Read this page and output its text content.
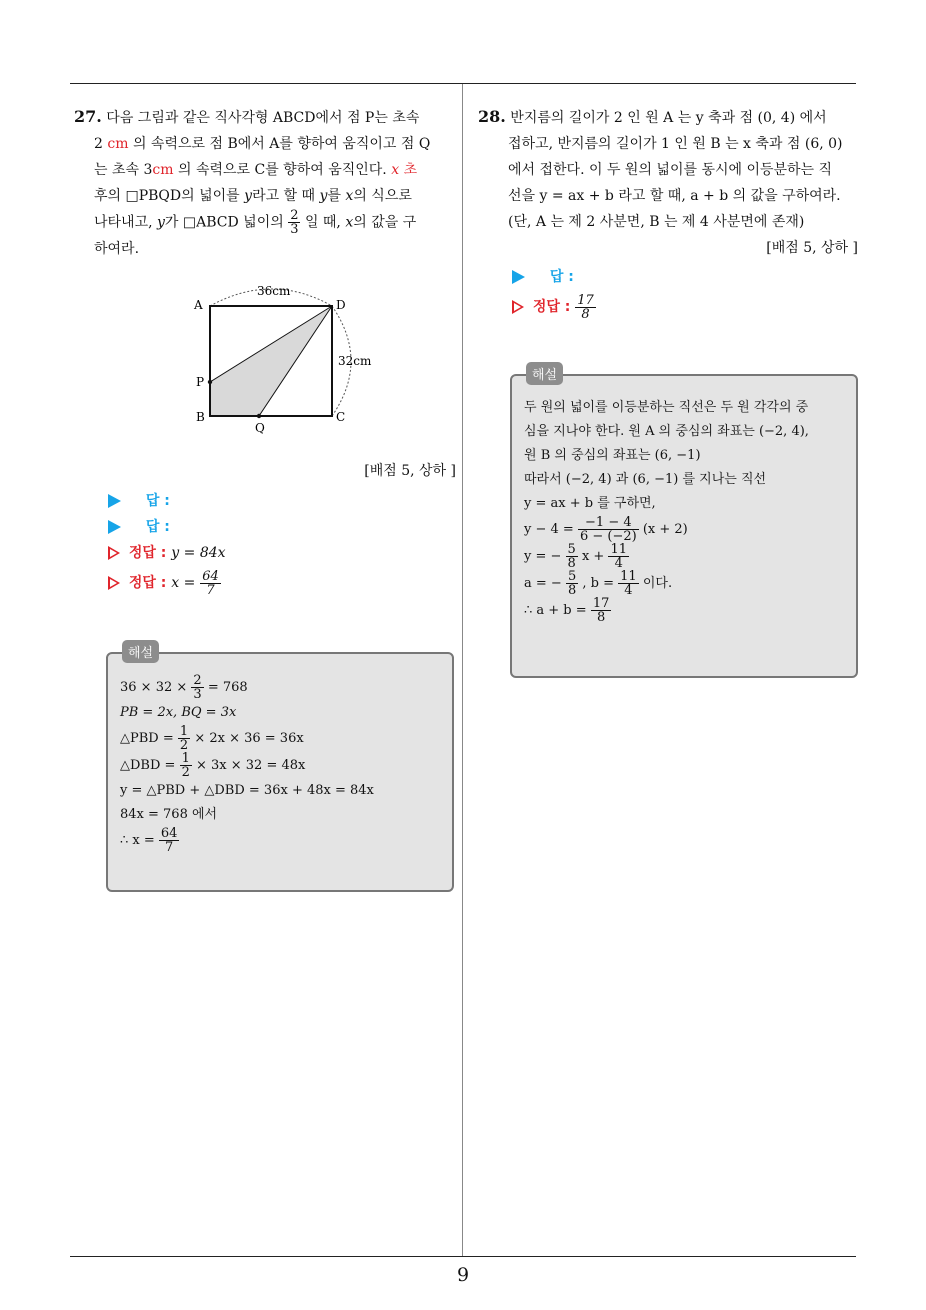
9
27. 다음 그림과 같은 직사각형 ABCD에서 점 P는 초속
2 cm 의 속력으로 점 B에서 A를 향하여 움직이고 점 Q
는 초속 3cm 의 속력으로 C를 향하여 움직인다. x 초
후의 □PBQD의 넓이를 y라고 할 때 y를 x의 식으로
나타내고, y가 □ABCD 넓이의 $\frac{2}{3}$ 일 때, x의 값을 구
하여라.
A	D
P
B
Q
C
36cm
32cm
[배점 5, 상하 ]
답 :
답 :
정답 : y = 84x
정답 : $x = \frac{64}{7}$
해설
$36 \times 32 \times \frac{2}{3} = 768$
PB = 2x, BQ = 3x
△PBD = $\frac{1}{2} \times 2x \times 36 = 36x$
△DBD = $\frac{1}{2} \times 3x \times 32 = 48x$
y = △PBD + △DBD = 36x + 48x = 84x
84x = 768 에서
∴ $x = \frac{64}{7}$
28. 반지름의 길이가 2 인 원 A 는 y 축과 점 (0, 4) 에서
접하고, 반지름의 길이가 1 인 원 B 는 x 축과 점 (6, 0)
에서 접한다. 이 두 원의 넓이를 동시에 이등분하는 직
선을 y = ax + b 라고 할 때, a + b 의 값을 구하여라.
(단, A 는 제 2 사분면, B 는 제 4 사분면에 존재)
[배점 5, 상하 ]
답 :
정답 : $\frac{17}{8}$
해설
두 원의 넓이를 이등분하는 직선은 두 원 각각의 중
심을 지나야 한다. 원 A 의 중심의 좌표는 (−2, 4),
원 B 의 중심의 좌표는 (6, −1)
따라서 (−2, 4) 과 (6, −1) 를 지나는 직선
y = ax + b 를 구하면,
$y - 4 = \frac{-1 - 4}{6 - (-2)} (x + 2)$
y = − $\frac{5}{8}$ $x + \frac{11}{4}$
a = − $\frac{5}{8}$ , $b = \frac{11}{4}$ 이다.
∴ $a + b = \frac{17}{8}$
